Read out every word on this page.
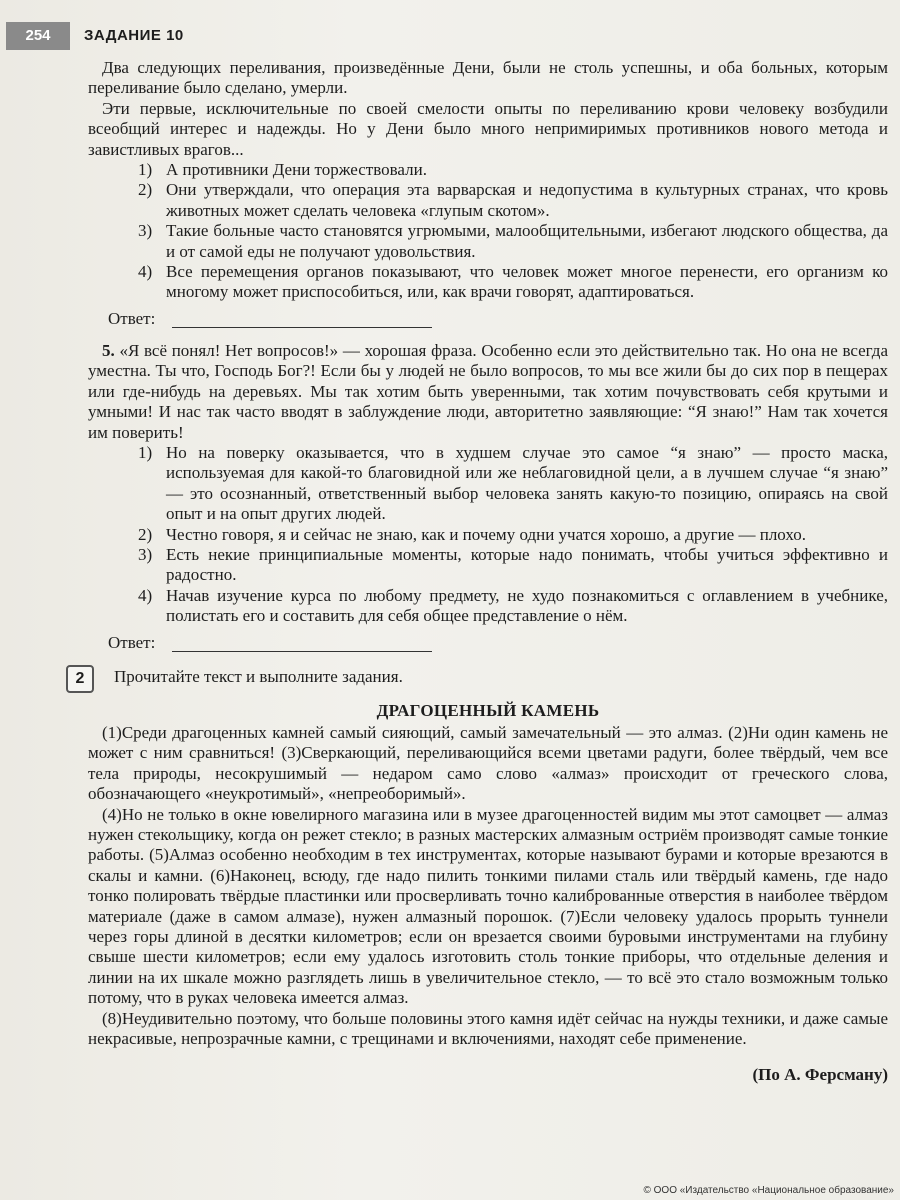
254	ЗАДАНИЕ 10

Два следующих переливания, произведённые Дени, были не столь успешны, и оба больных, которым переливание было сделано, умерли.

Эти первые, исключительные по своей смелости опыты по переливанию крови человеку возбудили всеобщий интерес и надежды. Но у Дени было много непримиримых противников нового метода и завистливых врагов...

1) А противники Дени торжествовали.
2) Они утверждали, что операция эта варварская и недопустима в культурных странах, что кровь животных может сделать человека «глупым скотом».
3) Такие больные часто становятся угрюмыми, малообщительными, избегают людского общества, да и от самой еды не получают удовольствия.
4) Все перемещения органов показывают, что человек может многое перенести, его организм ко многому может приспособиться, или, как врачи говорят, адаптироваться.
Ответ:

5. «Я всё понял! Нет вопросов!» — хорошая фраза. Особенно если это действительно так. Но она не всегда уместна. Ты что, Господь Бог?! Если бы у людей не было вопросов, то мы все жили бы до сих пор в пещерах или где-нибудь на деревьях. Мы так хотим быть уверенными, так хотим почувствовать себя крутыми и умными! И нас так часто вводят в заблуждение люди, авторитетно заявляющие: “Я знаю!” Нам так хочется им поверить!

1) Но на поверку оказывается, что в худшем случае это самое “я знаю” — просто маска, используемая для какой-то благовидной или же неблаговидной цели, а в лучшем случае “я знаю” — это осознанный, ответственный выбор человека занять какую-то позицию, опираясь на свой опыт и на опыт других людей.
2) Честно говоря, я и сейчас не знаю, как и почему одни учатся хорошо, а другие — плохо.
3) Есть некие принципиальные моменты, которые надо понимать, чтобы учиться эффективно и радостно.
4) Начав изучение курса по любому предмету, не худо познакомиться с оглавлением в учебнике, полистать его и составить для себя общее представление о нём.
Ответ:
2	Прочитайте текст и выполните задания.
ДРАГОЦЕННЫЙ КАМЕНЬ

(1)Среди драгоценных камней самый сияющий, самый замечательный — это алмаз. (2)Ни один камень не может с ним сравниться! (3)Сверкающий, переливающийся всеми цветами радуги, более твёрдый, чем все тела природы, несокрушимый — недаром само слово «алмаз» происходит от греческого слова, обозначающего «неукротимый», «непреоборимый».

(4)Но не только в окне ювелирного магазина или в музее драгоценностей видим мы этот самоцвет — алмаз нужен стекольщику, когда он режет стекло; в разных мастерских алмазным остриём производят самые тонкие работы. (5)Алмаз особенно необходим в тех инструментах, которые называют бурами и которые врезаются в скалы и камни. (6)Наконец, всюду, где надо пилить тонкими пилами сталь или твёрдый камень, где надо тонко полировать твёрдые пластинки или просверливать точно калиброванные отверстия в наиболее твёрдом материале (даже в самом алмазе), нужен алмазный порошок. (7)Если человеку удалось прорыть туннели через горы длиной в десятки километров; если он врезается своими буровыми инструментами на глубину свыше шести километров; если ему удалось изготовить столь тонкие приборы, что отдельные деления и линии на их шкале можно разглядеть лишь в увеличительное стекло, — то всё это стало возможным только потому, что в руках человека имеется алмаз.

(8)Неудивительно поэтому, что больше половины этого камня идёт сейчас на нужды техники, и даже самые некрасивые, непрозрачные камни, с трещинами и включениями, находят себе применение.

(По А. Ферсману)
© ООО «Издательство «Национальное образование»
